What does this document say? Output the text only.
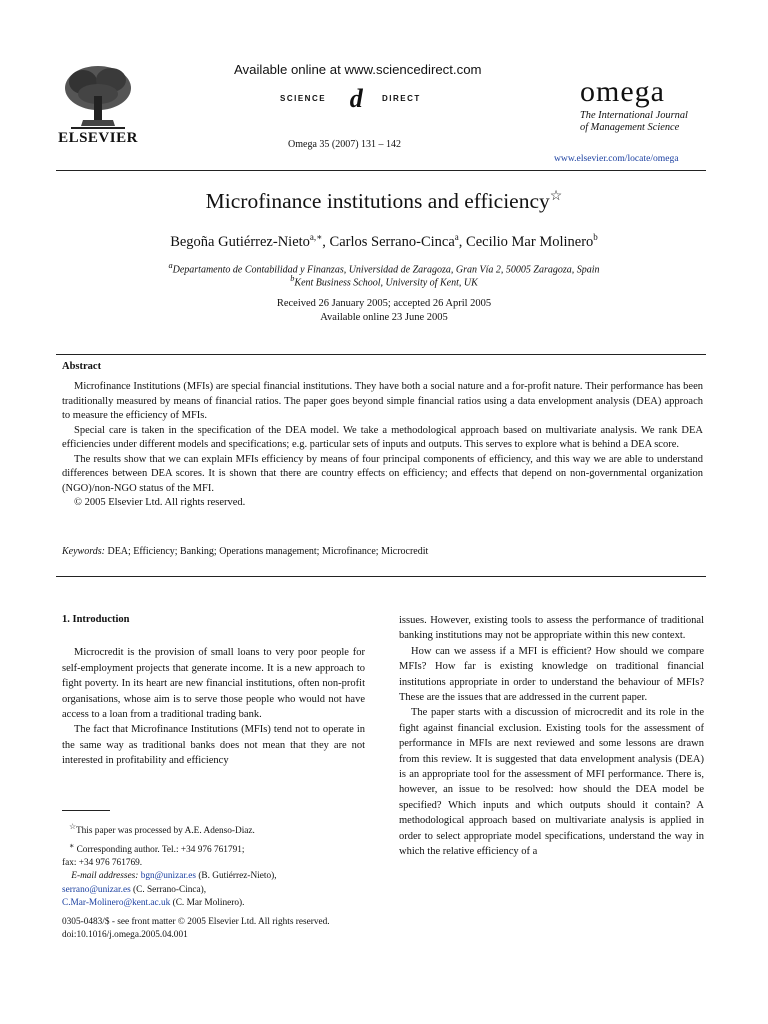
ELSEVIER
Available online at www.sciencedirect.com
SCIENCE d	DIRECT
Omega 35 (2007) 131 – 142
omega
The International Journal
of Management Science
www.elsevier.com/locate/omega
Microfinance institutions and efficiency☆
Begoña Gutiérrez-Nieto$^{a,∗}$, Carlos Serrano-Cinca$^a$, Cecilio Mar Molinero$^b$
$^a$Departamento de Contabilidad y Finanzas, Universidad de Zaragoza, Gran Vía 2, 50005 Zaragoza, Spain
$^b$Kent Business School, University of Kent, UK
Received 26 January 2005; accepted 26 April 2005
Available online 23 June 2005
Abstract

Microfinance Institutions (MFIs) are special financial institutions. They have both a social nature and a for-profit nature. Their performance has been traditionally measured by means of financial ratios. The paper goes beyond simple financial ratios using a data envelopment analysis (DEA) approach to measure the efficiency of MFIs.

Special care is taken in the specification of the DEA model. We take a methodological approach based on multivariate analysis. We rank DEA efficiencies under different models and specifications; e.g. particular sets of inputs and outputs. This serves to explore what is behind a DEA score.

The results show that we can explain MFIs efficiency by means of four principal components of efficiency, and this way we are able to understand differences between DEA scores. It is shown that there are country effects on efficiency; and effects that depend on non-governmental organization (NGO)/non-NGO status of the MFI.

© 2005 Elsevier Ltd. All rights reserved.

Keywords: DEA; Efficiency; Banking; Operations management; Microfinance; Microcredit
1. Introduction

Microcredit is the provision of small loans to very poor people for self-employment projects that generate income. It is a new approach to fight poverty. In its heart are new financial institutions, often non-profit organisations, whose aim is to serve those people who would not have access to a loan from a traditional trading bank.

The fact that Microfinance Institutions (MFIs) tend not to operate in the same way as traditional banks does not mean that they are not interested in profitability and efficiency

issues. However, existing tools to assess the performance of traditional banking institutions may not be appropriate within this new context.

How can we assess if a MFI is efficient? How should we compare MFIs? How far is existing knowledge on traditional financial institutions appropriate in order to understand the behaviour of MFIs? These are the issues that are addressed in the current paper.

The paper starts with a discussion of microcredit and its role in the fight against financial exclusion. Existing tools for the assessment of performance in MFIs are next reviewed and some lessons are drawn from this review. It is suggested that data envelopment analysis (DEA) is an appropriate tool for the assessment of MFI performance. There is, however, an issue to be resolved: how should the DEA model be specified? Which inputs and which outputs should it contain? A methodological approach based on multivariate analysis is applied in order to select appropriate model specifications, understand the way in which the relative efficiency of a

☆This paper was processed by A.E. Adenso-Diaz.
∗ Corresponding author. Tel.: +34 976 761791;
fax: +34 976 761769.
E-mail addresses: bgn@unizar.es (B. Gutiérrez-Nieto),
serrano@unizar.es (C. Serrano-Cinca),
C.Mar-Molinero@kent.ac.uk (C. Mar Molinero).
0305-0483/$ - see front matter © 2005 Elsevier Ltd. All rights reserved.
doi:10.1016/j.omega.2005.04.001
